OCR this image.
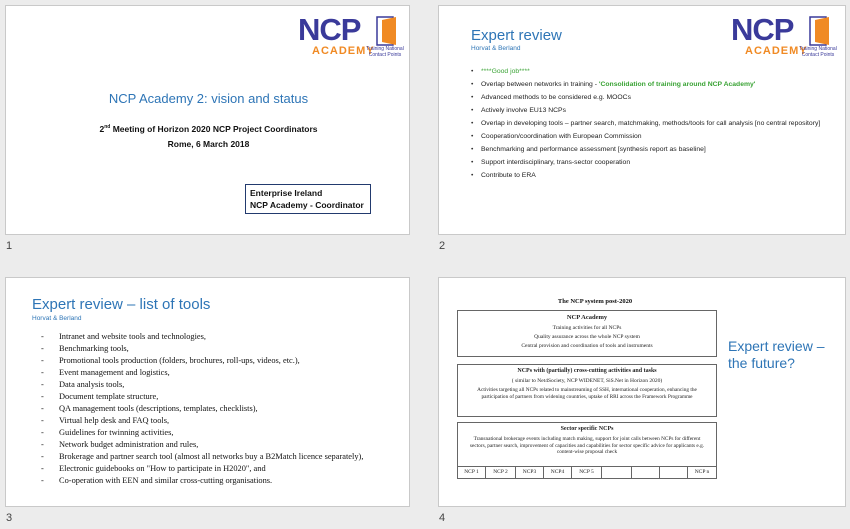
NCP
ACADEMY
Training National Contact Points
NCP Academy 2: vision and status
2nd Meeting of Horizon 2020 NCP Project Coordinators
Rome, 6 March 2018
Enterprise Ireland
NCP Academy - Coordinator
1
NCP
ACADEMY
Training National Contact Points
Expert review
Horvat & Berland
• ****Good job****
• Overlap between networks in training - 'Consolidation of training around NCP Academy'
• Advanced methods to be considered e.g. MOOCs
• Actively involve EU13 NCPs
• Overlap in developing tools – partner search, matchmaking, methods/tools for call analysis [no central repository]
• Cooperation/coordination with European Commission
• Benchmarking and performance assessment [synthesis report as baseline]
• Support interdisciplinary, trans-sector cooperation
• Contribute to ERA
2
Expert review – list of tools
Horvat & Berland
- Intranet and website tools and technologies,
- Benchmarking tools,
- Promotional tools production (folders, brochures, roll-ups, videos, etc.),
- Event management and logistics,
- Data analysis tools,
- Document template structure,
- QA management tools (descriptions, templates, checklists),
- Virtual help desk and FAQ tools,
- Guidelines for twinning activities,
- Network budget administration and rules,
- Brokerage and partner search tool (almost all networks buy a B2Match licence separately),
- Electronic guidebooks on "How to participate in H2020", and
- Co-operation with EEN and similar cross-cutting organisations.
3
The NCP system post-2020
NCP Academy
Training activities for all NCPs
Quality assurance across the whole NCP system
Central provision and coordination of tools and instruments
NCPs with (partially) cross-cutting activities and tasks
( similar to Net4Society, NCP WIDENET, SiS.Net in Horizon 2020)
Activities targeting all NCPs related to mainstreaming of SSH, international cooperation, enhancing the participation of partners from widening countries, uptake of RRI across the Framework Programme
Sector specific NCPs
Transnational brokerage events including match making, support for joint calls between NCPs for different sectors, partner search, improvement of capacities and capabilities for sector specific advice for applicants e.g. content-wise proposal check
NCP 1	NCP 2	NCP3	NCP4	NCP 5	NCP n
Expert review – the future?
4
